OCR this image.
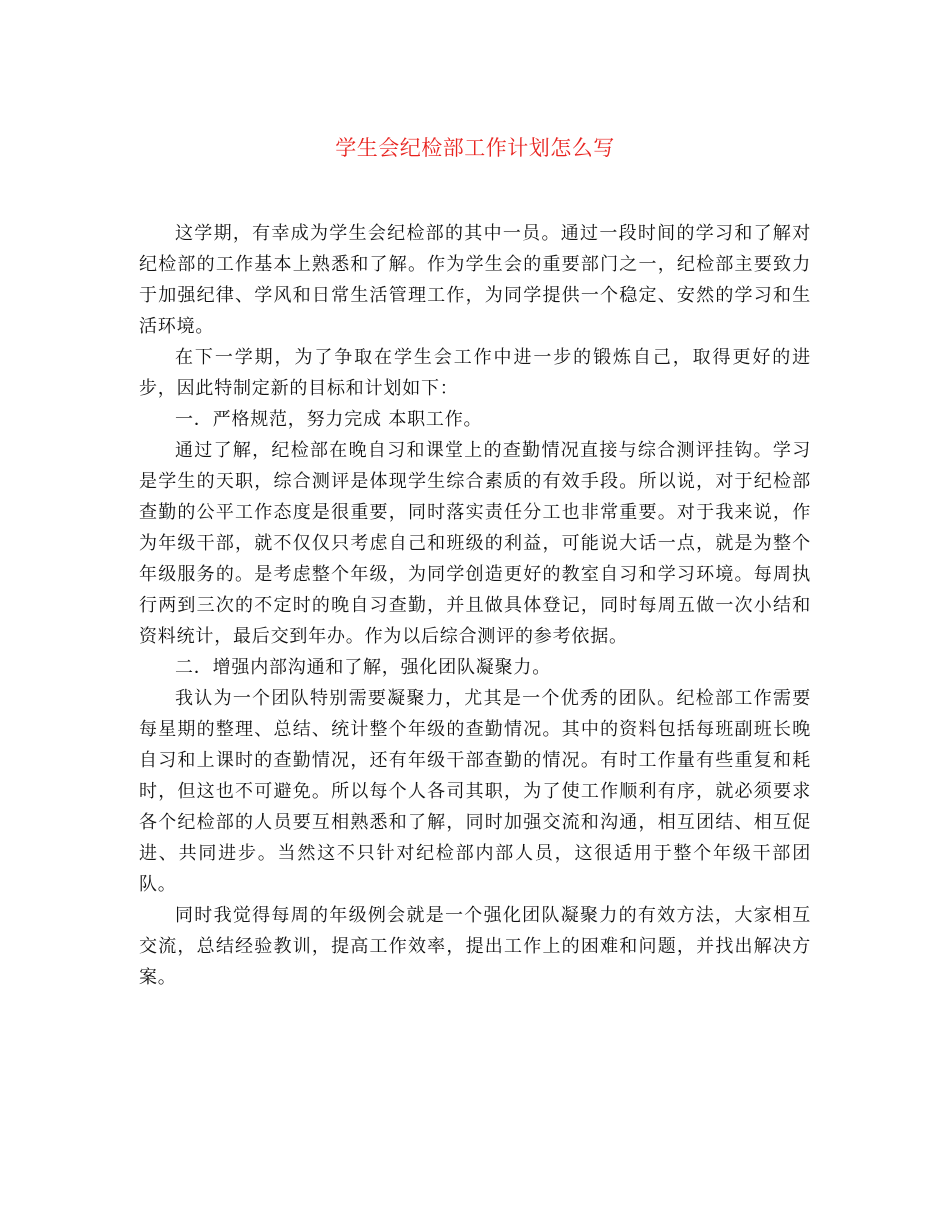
学生会纪检部工作计划怎么写

这学期，有幸成为学生会纪检部的其中一员。通过一段时间的学习和了解对纪检部的工作基本上熟悉和了解。作为学生会的重要部门之一，纪检部主要致力于加强纪律、学风和日常生活管理工作，为同学提供一个稳定、安然的学习和生活环境。

在下一学期，为了争取在学生会工作中进一步的锻炼自己，取得更好的进步，因此特制定新的目标和计划如下：

一．严格规范，努力完成 本职工作。

通过了解，纪检部在晚自习和课堂上的查勤情况直接与综合测评挂钩。学习是学生的天职，综合测评是体现学生综合素质的有效手段。所以说，对于纪检部查勤的公平工作态度是很重要，同时落实责任分工也非常重要。对于我来说，作为年级干部，就不仅仅只考虑自己和班级的利益，可能说大话一点，就是为整个年级服务的。是考虑整个年级，为同学创造更好的教室自习和学习环境。每周执行两到三次的不定时的晚自习查勤，并且做具体登记，同时每周五做一次小结和资料统计，最后交到年办。作为以后综合测评的参考依据。

二．增强内部沟通和了解，强化团队凝聚力。

我认为一个团队特别需要凝聚力，尤其是一个优秀的团队。纪检部工作需要每星期的整理、总结、统计整个年级的查勤情况。其中的资料包括每班副班长晚自习和上课时的查勤情况，还有年级干部查勤的情况。有时工作量有些重复和耗时，但这也不可避免。所以每个人各司其职，为了使工作顺利有序，就必须要求各个纪检部的人员要互相熟悉和了解，同时加强交流和沟通，相互团结、相互促进、共同进步。当然这不只针对纪检部内部人员，这很适用于整个年级干部团队。

同时我觉得每周的年级例会就是一个强化团队凝聚力的有效方法，大家相互交流，总结经验教训，提高工作效率，提出工作上的困难和问题，并找出解决方案。
